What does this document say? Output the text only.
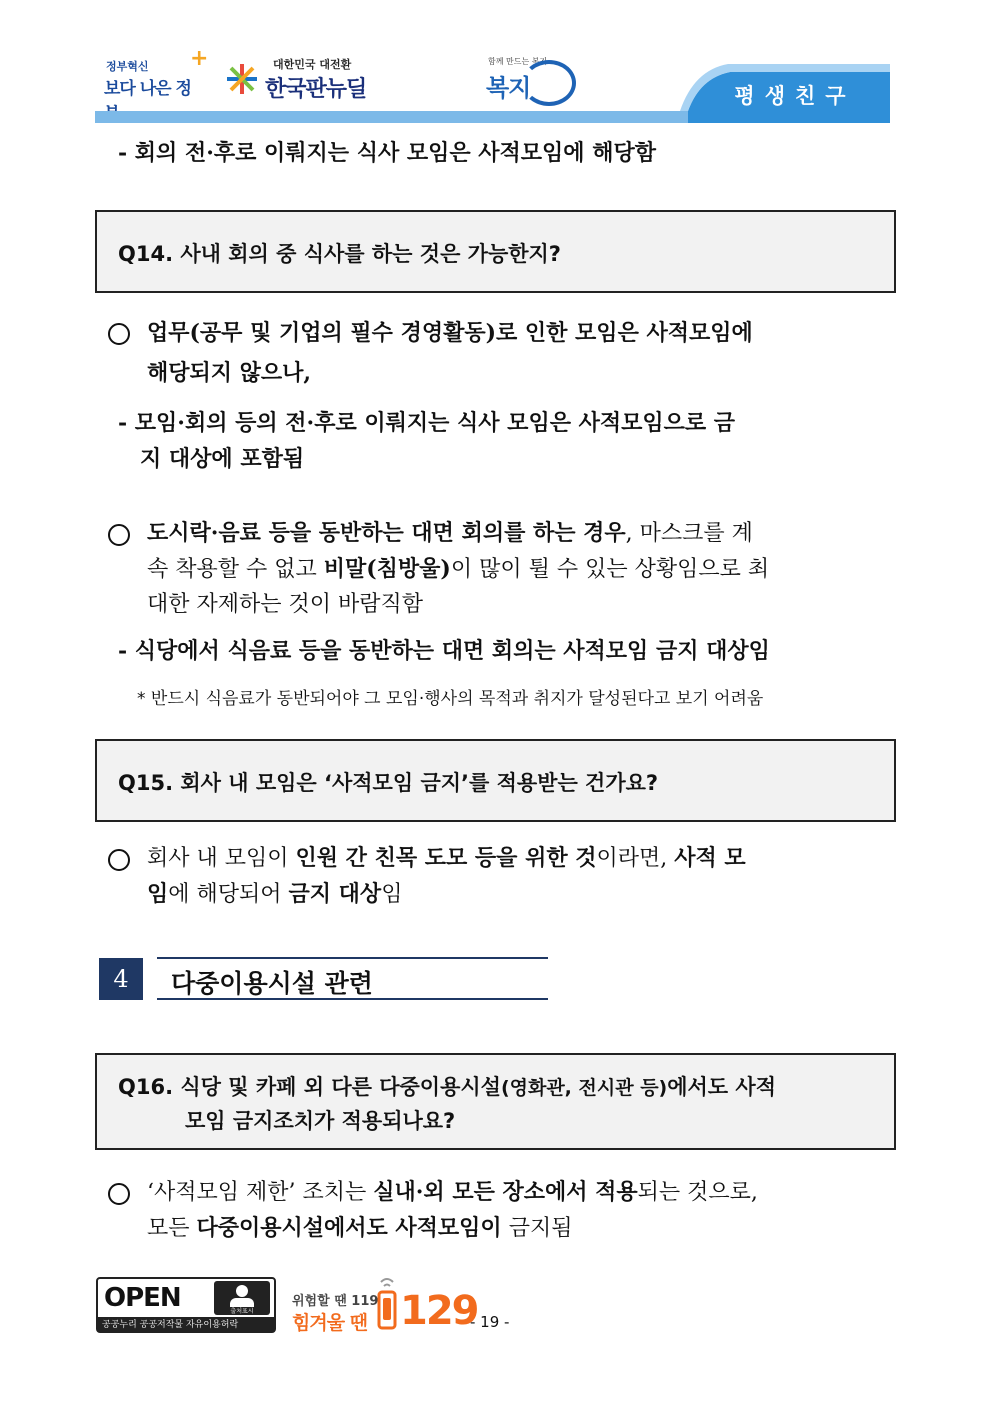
정부혁신
보다 나은 정
+	대한민국 대전환
한국판뉴딜
함께 만드는 복지
복지	평생친구
- 회의 전·후로 이뤄지는 식사 모임은 사적모임에 해당함
Q14. 사내 회의 중 식사를 하는 것은 가능한지?
업무(공무 및 기업의 필수 경영활동)로 인한 모임은 사적모임에
해당되지 않으나,
- 모임·회의 등의 전·후로 이뤄지는 식사 모임은 사적모임으로 금
지 대상에 포함됨
도시락·음료 등을 동반하는 대면 회의를 하는 경우, 마스크를 계
속 착용할 수 없고 비말(침방울)이 많이 튈 수 있는 상황임으로 최
대한 자제하는 것이 바람직함
- 식당에서 식음료 등을 동반하는 대면 회의는 사적모임 금지 대상임
* 반드시 식음료가 동반되어야 그 모임·행사의 목적과 취지가 달성된다고 보기 어려움
Q15. 회사 내 모임은 ‘사적모임 금지’를 적용받는 건가요?
회사 내 모임이 인원 간 친목 도모 등을 위한 것이라면, 사적 모
임에 해당되어 금지 대상임
4	다중이용시설 관련
Q16. 식당 및 카페 외 다른 다중이용시설(영화관, 전시관 등)에서도 사적
모임 금지조치가 적용되나요?
‘사적모임 제한’ 조치는 실내·외 모든 장소에서 적용되는 것으로,
모든 다중이용시설에서도 사적모임이 금지됨
OPEN	출처표시
공공누리 공공저작물 자유이용허락
위험할 땐 119
힘겨울 땐 129
- 19 -
